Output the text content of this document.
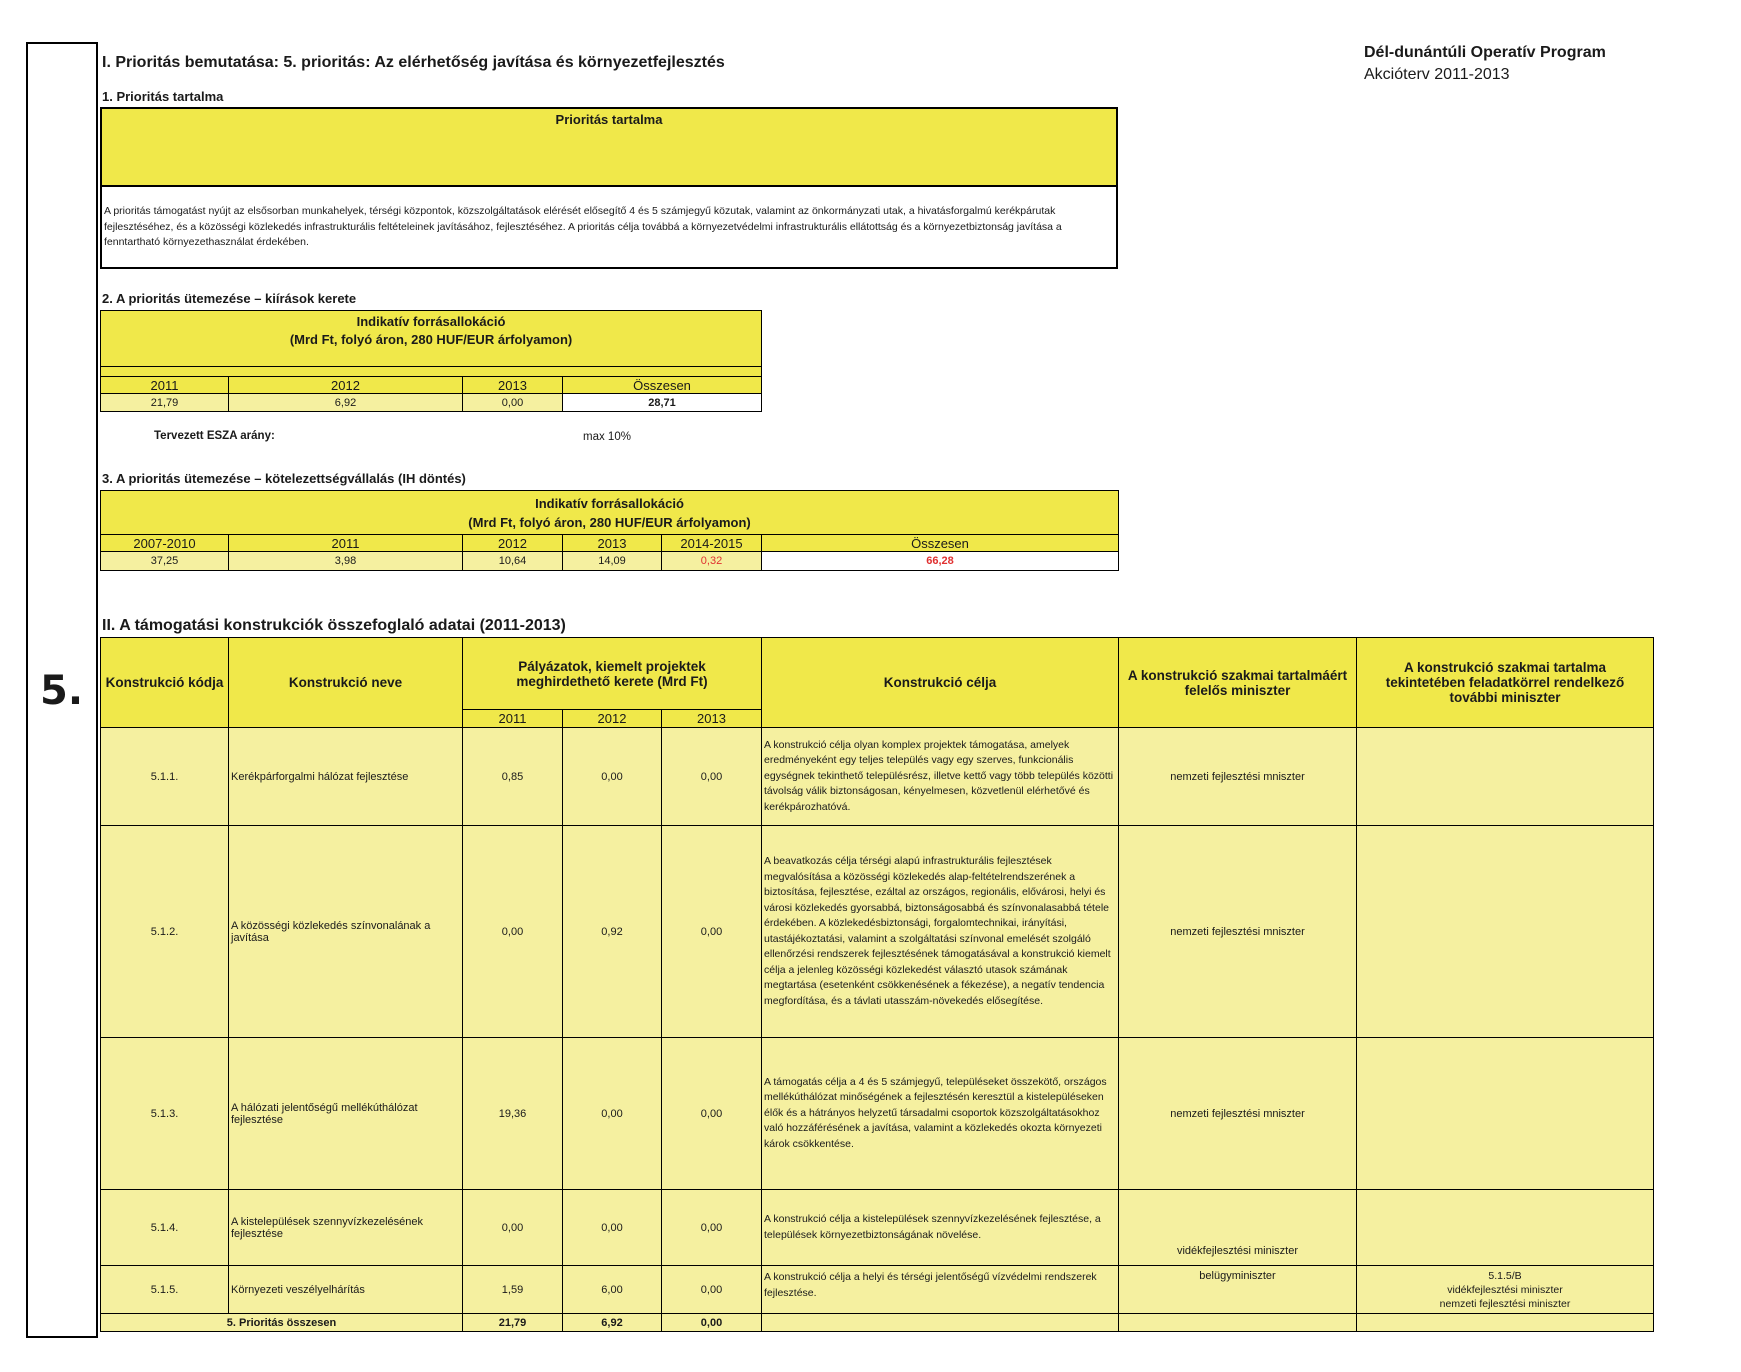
5.
Dél-dunántúli Operatív Program
Akcióterv 2011-2013
I. Prioritás bemutatása: 5. prioritás: Az elérhetőség javítása és környezetfejlesztés
1. Prioritás tartalma
Prioritás tartalma
A prioritás támogatást nyújt az elsősorban munkahelyek, térségi központok, közszolgáltatások elérését elősegítő 4 és 5 számjegyű közutak, valamint az önkormányzati utak, a hivatásforgalmú kerékpárutak fejlesztéséhez, és a közösségi közlekedés infrastrukturális feltételeinek javításához, fejlesztéséhez. A prioritás célja továbbá a környezetvédelmi infrastrukturális ellátottság és a környezetbiztonság javítása a fenntartható környezethasználat érdekében.
2. A prioritás ütemezése – kiírások kerete
Indikatív forrásallokáció
(Mrd Ft, folyó áron, 280 HUF/EUR árfolyamon)			

2011	2012	2013	Összesen
21,79	6,92	0,00	28,71
Tervezett ESZA arány:	max 10%
3. A prioritás ütemezése – kötelezettségvállalás (IH döntés)
Indikatív forrásallokáció
(Mrd Ft, folyó áron, 280 HUF/EUR árfolyamon)					

2007-2010	2011	2012	2013	2014-2015	Összesen
37,25	3,98	10,64	14,09	0,32	66,28
II. A támogatási konstrukciók összefoglaló adatai (2011-2013)
Konstrukció kódja	Konstrukció neve	Pályázatok, kiemelt projektek meghirdethető kerete (Mrd Ft)			Konstrukció célja	A konstrukció szakmai tartalmáért felelős miniszter	A konstrukció szakmai tartalma tekintetében feladatkörrel rendelkező további miniszter
		2011	2012	2013			
5.1.1.	Kerékpárforgalmi hálózat fejlesztése	0,85	0,00	0,00	A konstrukció célja olyan komplex projektek támogatása, amelyek eredményeként egy teljes település vagy egy szerves, funkcionális egységnek tekinthető településrész, illetve kettő vagy több település közötti távolság válik biztonságosan, kényelmesen, közvetlenül elérhetővé és kerékpározhatóvá.	nemzeti fejlesztési mniszter	
5.1.2.	A közösségi közlekedés színvonalának a javítása	0,00	0,92	0,00	A beavatkozás célja térségi alapú infrastrukturális fejlesztések megvalósítása a közösségi közlekedés alap-feltételrendszerének a biztosítása, fejlesztése, ezáltal az országos, regionális, elővárosi, helyi és városi közlekedés gyorsabbá, biztonságosabbá és színvonalasabbá tétele érdekében. A közlekedésbiztonsági, forgalomtechnikai, irányítási, utastájékoztatási, valamint a szolgáltatási színvonal emelését szolgáló ellenőrzési rendszerek fejlesztésének támogatásával a konstrukció kiemelt célja a jelenleg közösségi közlekedést választó utasok számának megtartása (esetenként csökkenésének a fékezése), a negatív tendencia megfordítása, és a távlati utasszám-növekedés elősegítése.	nemzeti fejlesztési mniszter	
5.1.3.	A hálózati jelentőségű mellékúthálózat fejlesztése	19,36	0,00	0,00	A támogatás célja a 4 és 5 számjegyű, településeket összekötő, országos mellékúthálózat minőségének a fejlesztésén keresztül a kistelepüléseken élők és a hátrányos helyzetű társadalmi csoportok közszolgáltatásokhoz való hozzáférésének a javítása, valamint a közlekedés okozta környezeti károk csökkentése.	nemzeti fejlesztési mniszter	
5.1.4.	A kistelepülések szennyvízkezelésének fejlesztése	0,00	0,00	0,00	A konstrukció célja a kistelepülések szennyvízkezelésének fejlesztése, a települések környezetbiztonságának növelése.	vidékfejlesztési miniszter	
5.1.5.	Környezeti veszélyelhárítás	1,59	6,00	0,00	A konstrukció célja a helyi és térségi jelentőségű vízvédelmi rendszerek fejlesztése.	belügyminiszter	5.1.5/B
vidékfejlesztési miniszter
nemzeti fejlesztési miniszter
5. Prioritás összesen		21,79	6,92	0,00			
